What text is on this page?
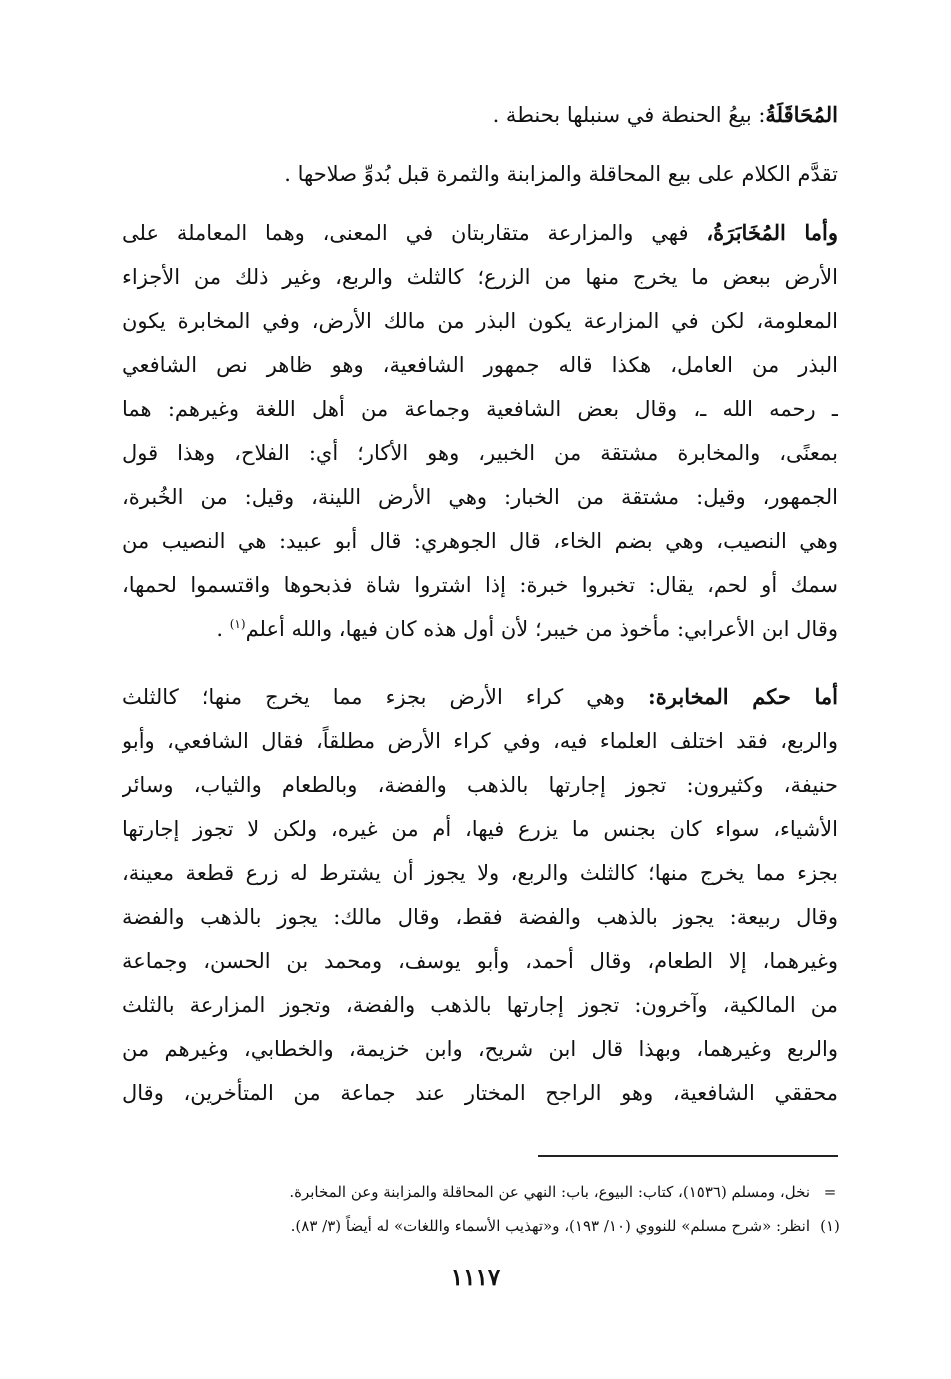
المُحَاقَلَةُ: بيعُ الحنطة في سنبلها بحنطة .
تقدَّم الكلام على بيع المحاقلة والمزابنة والثمرة قبل بُدوِّ صلاحها .
وأما المُخَابَرَةُ، فهي والمزارعة متقاربتان في المعنى، وهما المعاملة على
الأرض ببعض ما يخرج منها من الزرع؛ كالثلث والربع، وغير ذلك من الأجزاء
المعلومة، لكن في المزارعة يكون البذر من مالك الأرض، وفي المخابرة يكون
البذر من العامل، هكذا قاله جمهور الشافعية، وهو ظاهر نص الشافعي
ـ رحمه الله ـ، وقال بعض الشافعية وجماعة من أهل اللغة وغيرهم: هما
بمعنًى، والمخابرة مشتقة من الخبير، وهو الأكار؛ أي: الفلاح، وهذا قول
الجمهور، وقيل: مشتقة من الخبار: وهي الأرض اللينة، وقيل: من الخُبرة،
وهي النصيب، وهي بضم الخاء، قال الجوهري: قال أبو عبيد: هي النصيب من
سمك أو لحم، يقال: تخبروا خبرة: إذا اشتروا شاة فذبحوها واقتسموا لحمها،
وقال ابن الأعرابي: مأخوذ من خيبر؛ لأن أول هذه كان فيها، والله أعلم$^{(١)}$ .
أما حكم المخابرة: وهي كراء الأرض بجزء مما يخرج منها؛ كالثلث
والربع، فقد اختلف العلماء فيه، وفي كراء الأرض مطلقاً، فقال الشافعي، وأبو
حنيفة، وكثيرون: تجوز إجارتها بالذهب والفضة، وبالطعام والثياب، وسائر
الأشياء، سواء كان بجنس ما يزرع فيها، أم من غيره، ولكن لا تجوز إجارتها
بجزء مما يخرج منها؛ كالثلث والربع، ولا يجوز أن يشترط له زرع قطعة معينة،
وقال ربيعة: يجوز بالذهب والفضة فقط، وقال مالك: يجوز بالذهب والفضة
وغيرهما، إلا الطعام، وقال أحمد، وأبو يوسف، ومحمد بن الحسن، وجماعة
من المالكية، وآخرون: تجوز إجارتها بالذهب والفضة، وتجوز المزارعة بالثلث
والربع وغيرهما، وبهذا قال ابن شريح، وابن خزيمة، والخطابي، وغيرهم من
محققي الشافعية، وهو الراجح المختار عند جماعة من المتأخرين، وقال
=
نخل، ومسلم (١٥٣٦)، كتاب: البيوع، باب: النهي عن المحاقلة والمزابنة وعن المخابرة.
(١)
انظر: «شرح مسلم» للنووي (١٠/ ١٩٣)، و«تهذيب الأسماء واللغات» له أيضاً (٣/ ٨٣).
١١١٧
